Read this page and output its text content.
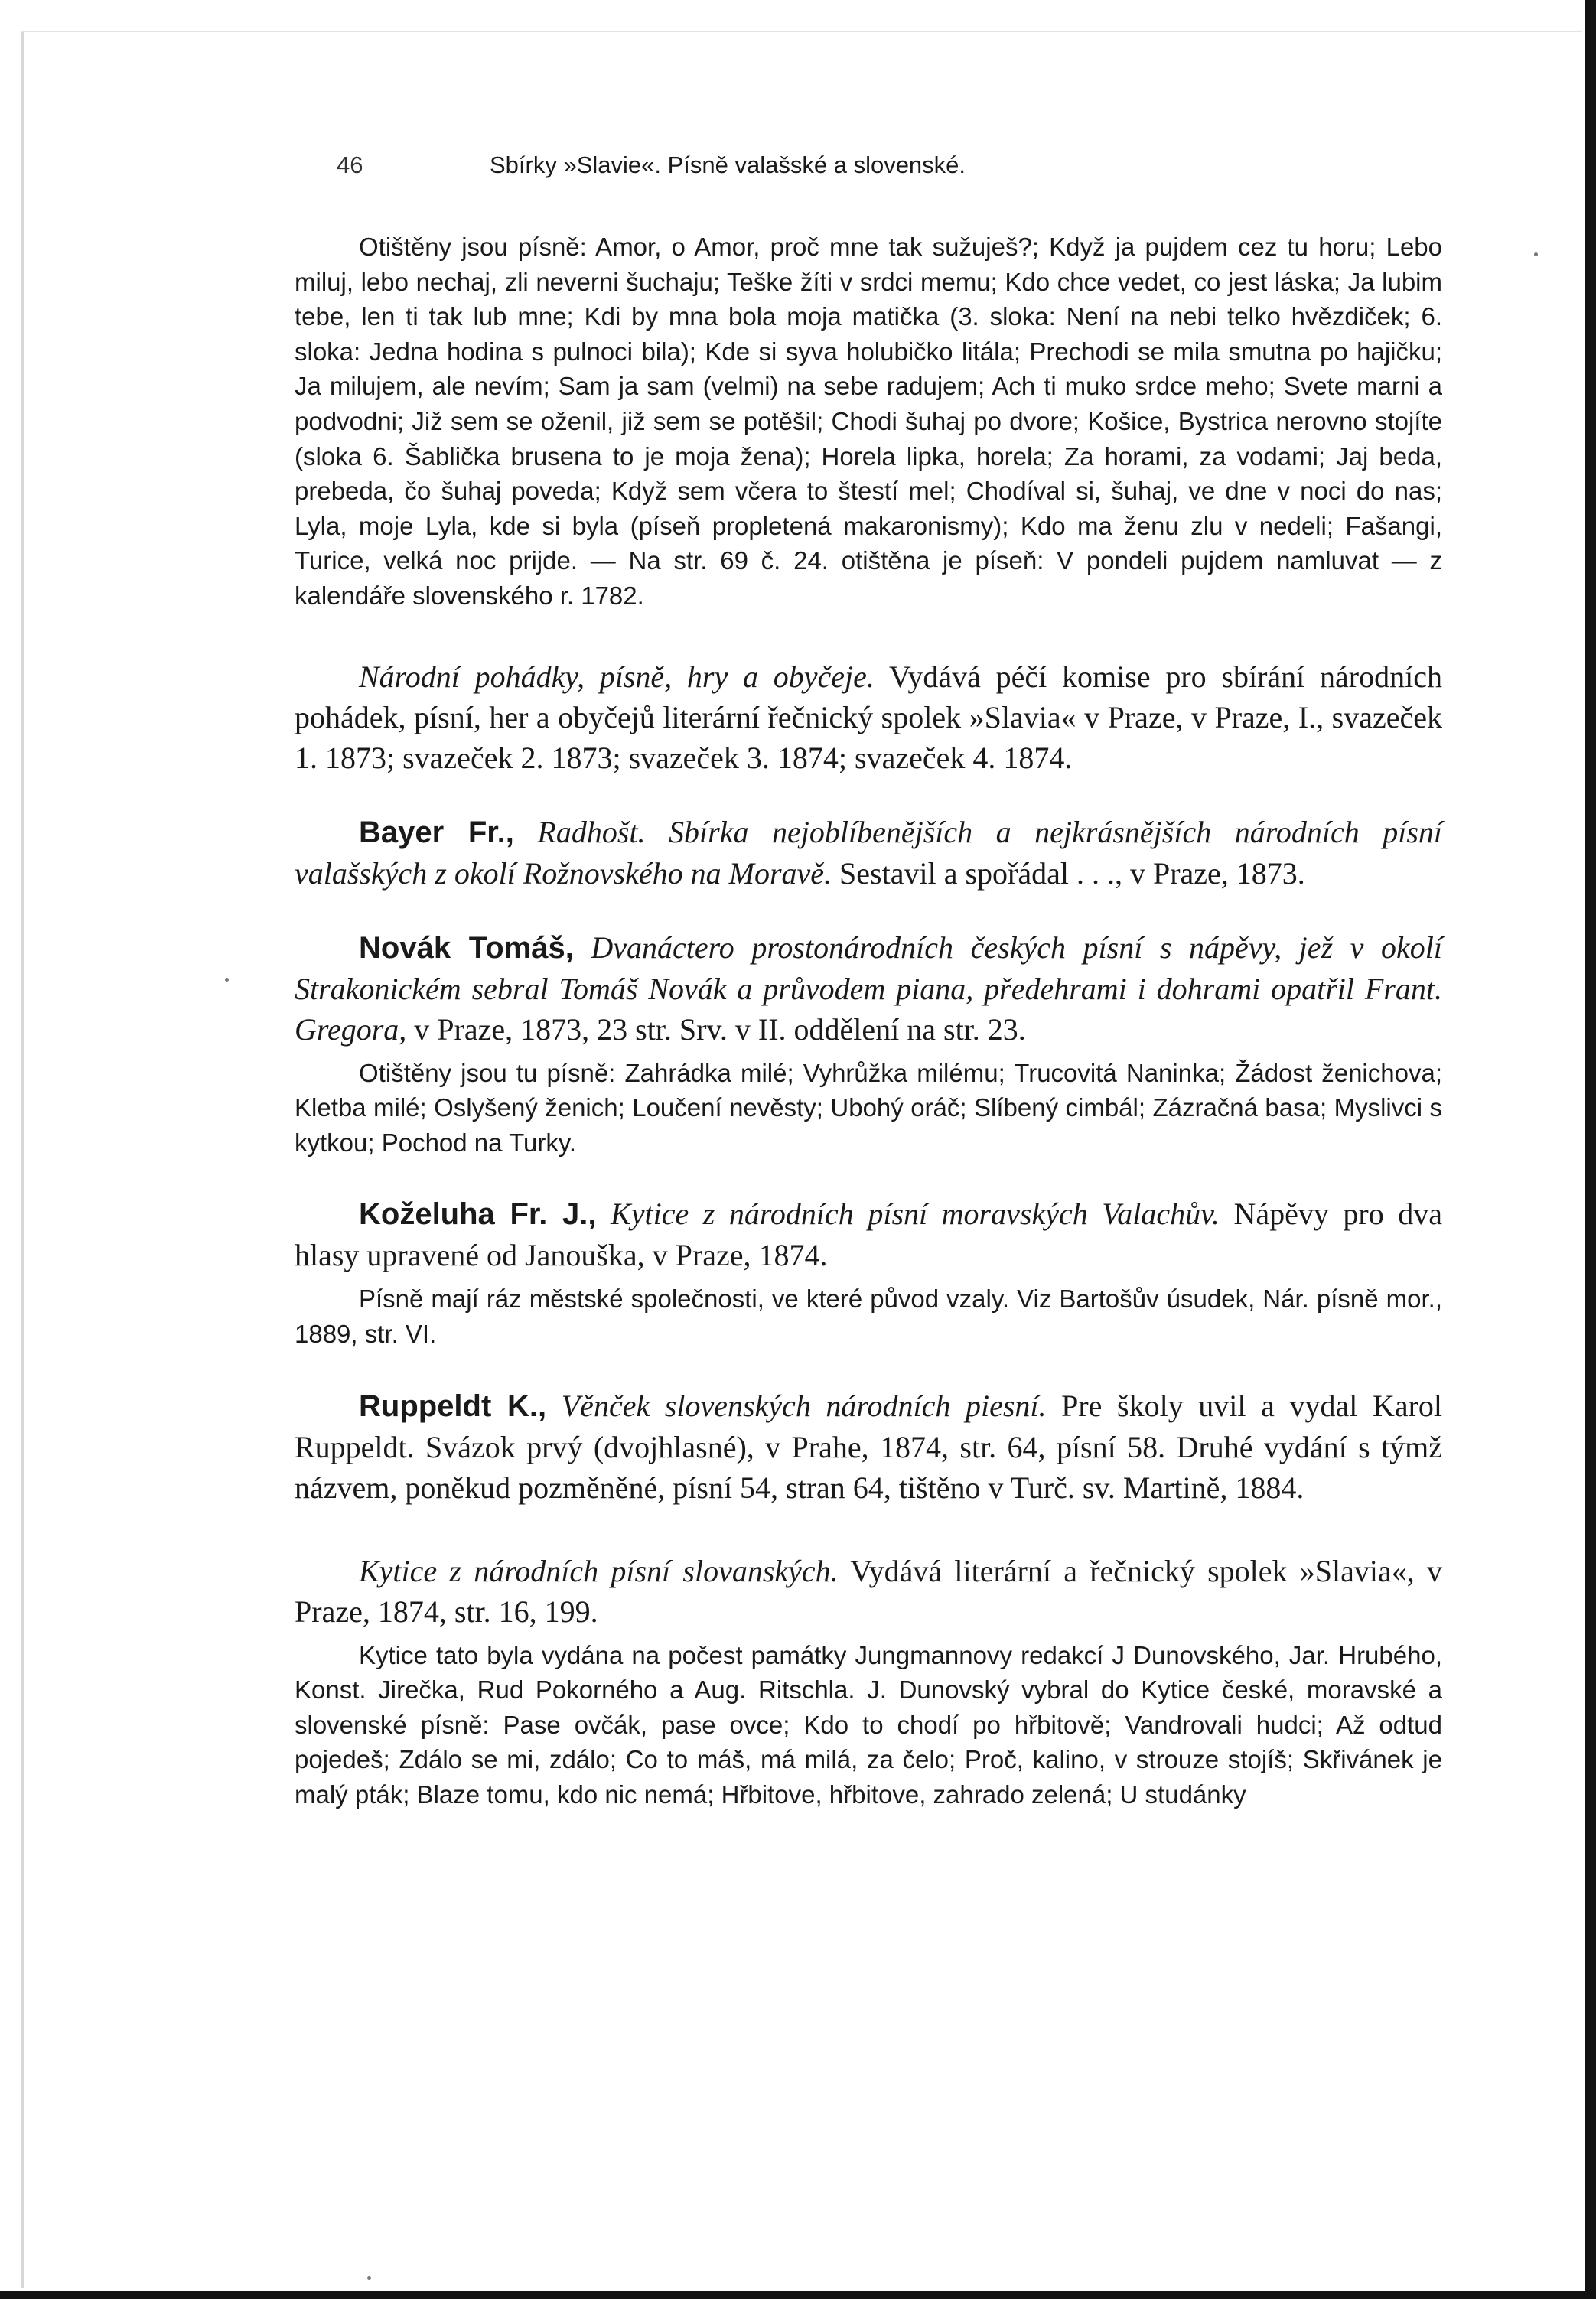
46	Sbírky »Slavie«. Písně valašské a slovenské.

Otištěny jsou písně: Amor, o Amor, proč mne tak sužuješ?; Když ja pujdem cez tu horu; Lebo miluj, lebo nechaj, zli neverni šuchaju; Teške žíti v srdci memu; Kdo chce vedet, co jest láska; Ja lubim tebe, len ti tak lub mne; Kdi by mna bola moja matička (3. sloka: Není na nebi telko hvězdiček; 6. sloka: Jedna hodina s pulnoci bila); Kde si syva holubičko litála; Prechodi se mila smutna po hajičku; Ja milujem, ale nevím; Sam ja sam (velmi) na sebe radujem; Ach ti muko srdce meho; Svete marni a podvodni; Již sem se oženil, již sem se potěšil; Chodi šuhaj po dvore; Košice, Bystrica nerovno stojíte (sloka 6. Šablička brusena to je moja žena); Horela lipka, horela; Za horami, za vodami; Jaj beda, prebeda, čo šuhaj poveda; Když sem včera to štestí mel; Chodíval si, šuhaj, ve dne v noci do nas; Lyla, moje Lyla, kde si byla (píseň propletená makaronismy); Kdo ma ženu zlu v nedeli; Fašangi, Turice, velká noc prijde. — Na str. 69 č. 24. otištěna je píseň: V pondeli pujdem namluvat — z kalendáře slovenského r. 1782.

Národní pohádky, písně, hry a obyčeje. Vydává péčí komise pro sbírání národních pohádek, písní, her a obyčejů literární řečnický spolek »Slavia« v Praze, v Praze, I., svazeček 1. 1873; svazeček 2. 1873; svazeček 3. 1874; svazeček 4. 1874.

Bayer Fr., Radhošt. Sbírka nejoblíbenějších a nejkrásnějších národních písní valašských z okolí Rožnovského na Moravě. Sestavil a spořádal . . ., v Praze, 1873.

Novák Tomáš, Dvanáctero prostonárodních českých písní s nápěvy, jež v okolí Strakonickém sebral Tomáš Novák a průvodem piana, předehrami i dohrami opatřil Frant. Gregora, v Praze, 1873, 23 str. Srv. v II. oddělení na str. 23.

Otištěny jsou tu písně: Zahrádka milé; Vyhrůžka milému; Trucovitá Naninka; Žádost ženichova; Kletba milé; Oslyšený ženich; Loučení nevěsty; Ubohý oráč; Slíbený cimbál; Zázračná basa; Myslivci s kytkou; Pochod na Turky.

Koželuha Fr. J., Kytice z národních písní moravských Valachův. Nápěvy pro dva hlasy upravené od Janouška, v Praze, 1874.

Písně mají ráz městské společnosti, ve které původ vzaly. Viz Bartošův úsudek, Nár. písně mor., 1889, str. VI.

Ruppeldt K., Věnček slovenských národních piesní. Pre školy uvil a vydal Karol Ruppeldt. Svázok prvý (dvojhlasné), v Prahe, 1874, str. 64, písní 58. Druhé vydání s týmž názvem, poněkud pozměněné, písní 54, stran 64, tištěno v Turč. sv. Martině, 1884.

Kytice z národních písní slovanských. Vydává literární a řečnický spolek »Slavia«, v Praze, 1874, str. 16, 199.

Kytice tato byla vydána na počest památky Jungmannovy redakcí J Dunovského, Jar. Hrubého, Konst. Jirečka, Rud Pokorného a Aug. Ritschla. J. Dunovský vybral do Kytice české, moravské a slovenské písně: Pase ovčák, pase ovce; Kdo to chodí po hřbitově; Vandrovali hudci; Až odtud pojedeš; Zdálo se mi, zdálo; Co to máš, má milá, za čelo; Proč, kalino, v strouze stojíš; Skřivánek je malý pták; Blaze tomu, kdo nic nemá; Hřbitove, hřbitove, zahrado zelená; U studánky
